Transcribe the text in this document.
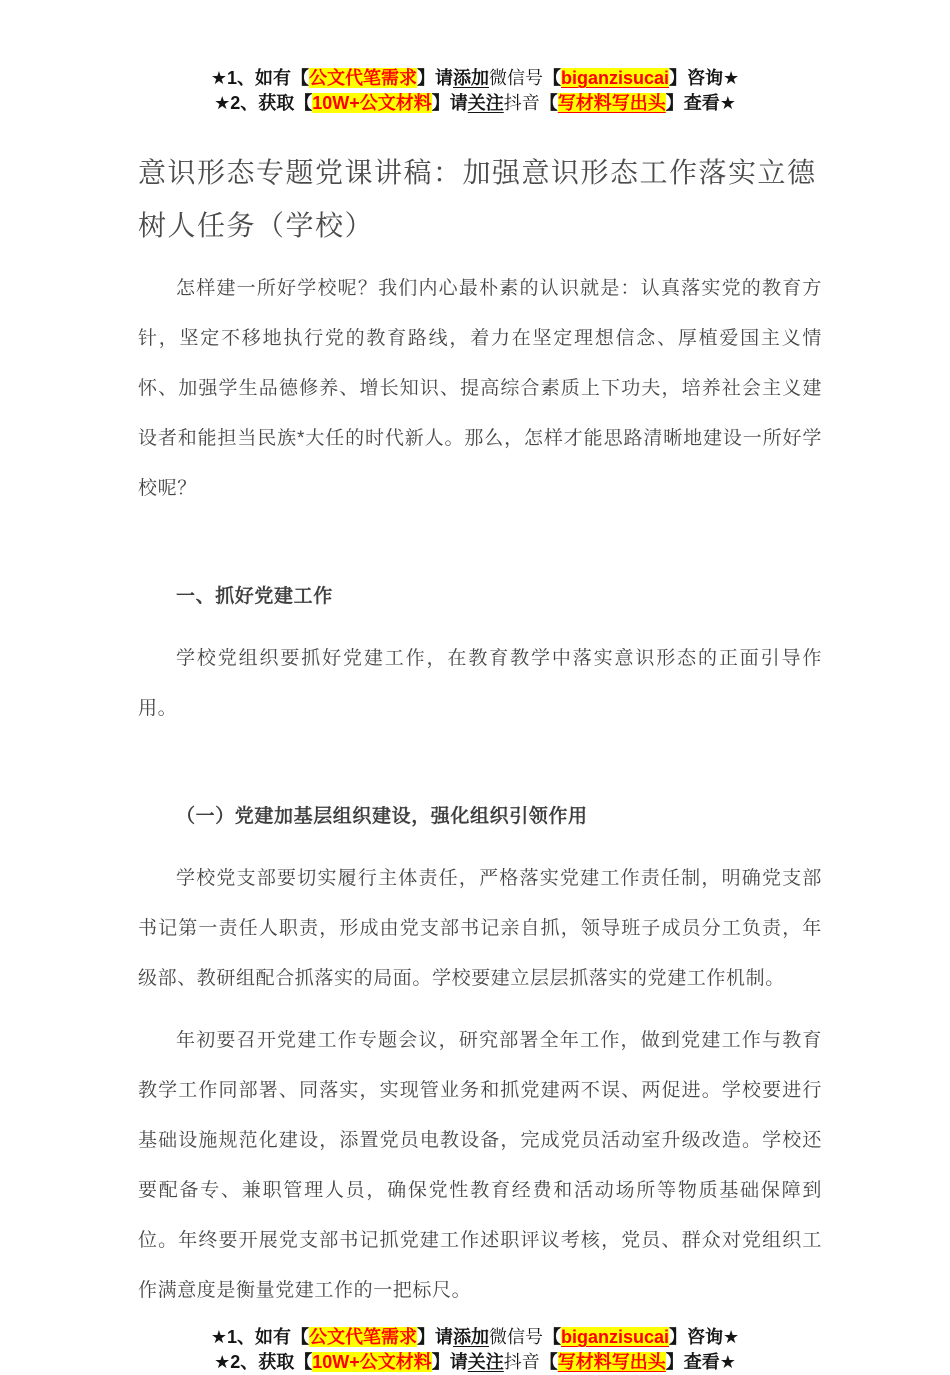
★1、如有【公文代笔需求】请添加微信号【biganzisucai】咨询★
★2、获取【10W+公文材料】请关注抖音【写材料写出头】查看★
意识形态专题党课讲稿：加强意识形态工作落实立德树人任务（学校）
怎样建一所好学校呢？我们内心最朴素的认识就是：认真落实党的教育方针，坚定不移地执行党的教育路线，着力在坚定理想信念、厚植爱国主义情怀、加强学生品德修养、增长知识、提高综合素质上下功夫，培养社会主义建设者和能担当民族*大任的时代新人。那么，怎样才能思路清晰地建设一所好学校呢？
一、抓好党建工作
学校党组织要抓好党建工作，在教育教学中落实意识形态的正面引导作用。
（一）党建加基层组织建设，强化组织引领作用
学校党支部要切实履行主体责任，严格落实党建工作责任制，明确党支部书记第一责任人职责，形成由党支部书记亲自抓，领导班子成员分工负责，年级部、教研组配合抓落实的局面。学校要建立层层抓落实的党建工作机制。
年初要召开党建工作专题会议，研究部署全年工作，做到党建工作与教育教学工作同部署、同落实，实现管业务和抓党建两不误、两促进。学校要进行基础设施规范化建设，添置党员电教设备，完成党员活动室升级改造。学校还要配备专、兼职管理人员，确保党性教育经费和活动场所等物质基础保障到位。年终要开展党支部书记抓党建工作述职评议考核，党员、群众对党组织工作满意度是衡量党建工作的一把标尺。
★1、如有【公文代笔需求】请添加微信号【biganzisucai】咨询★
★2、获取【10W+公文材料】请关注抖音【写材料写出头】查看★
